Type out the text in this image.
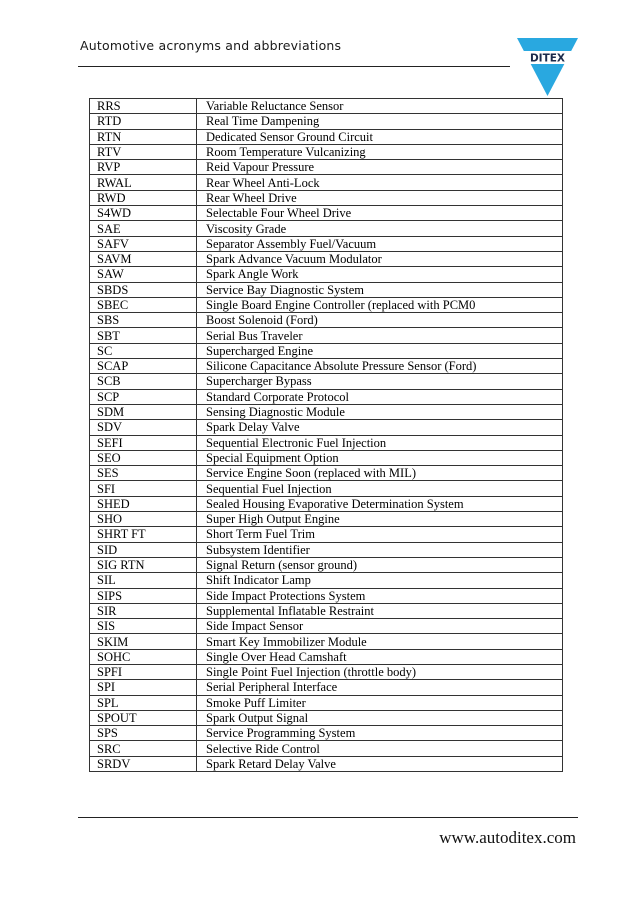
Automotive acronyms and abbreviations
DITEX
RRS	Variable Reluctance Sensor
RTD	Real Time Dampening
RTN	Dedicated Sensor Ground Circuit
RTV	Room Temperature Vulcanizing
RVP	Reid Vapour Pressure
RWAL	Rear Wheel Anti-Lock
RWD	Rear Wheel Drive
S4WD	Selectable Four Wheel Drive
SAE	Viscosity Grade
SAFV	Separator Assembly Fuel/Vacuum
SAVM	Spark Advance Vacuum Modulator
SAW	Spark Angle Work
SBDS	Service Bay Diagnostic System
SBEC	Single Board Engine Controller (replaced with PCM0
SBS	Boost Solenoid (Ford)
SBT	Serial Bus Traveler
SC	Supercharged Engine
SCAP	Silicone Capacitance Absolute Pressure Sensor (Ford)
SCB	Supercharger Bypass
SCP	Standard Corporate Protocol
SDM	Sensing Diagnostic Module
SDV	Spark Delay Valve
SEFI	Sequential Electronic Fuel Injection
SEO	Special Equipment Option
SES	Service Engine Soon (replaced with MIL)
SFI	Sequential Fuel Injection
SHED	Sealed Housing Evaporative Determination System
SHO	Super High Output Engine
SHRT FT	Short Term Fuel Trim
SID	Subsystem Identifier
SIG RTN	Signal Return (sensor ground)
SIL	Shift Indicator Lamp
SIPS	Side Impact Protections System
SIR	Supplemental Inflatable Restraint
SIS	Side Impact Sensor
SKIM	Smart Key Immobilizer Module
SOHC	Single Over Head Camshaft
SPFI	Single Point Fuel Injection (throttle body)
SPI	Serial Peripheral Interface
SPL	Smoke Puff Limiter
SPOUT	Spark Output Signal
SPS	Service Programming System
SRC	Selective Ride Control
SRDV	Spark Retard Delay Valve
www.autoditex.com
